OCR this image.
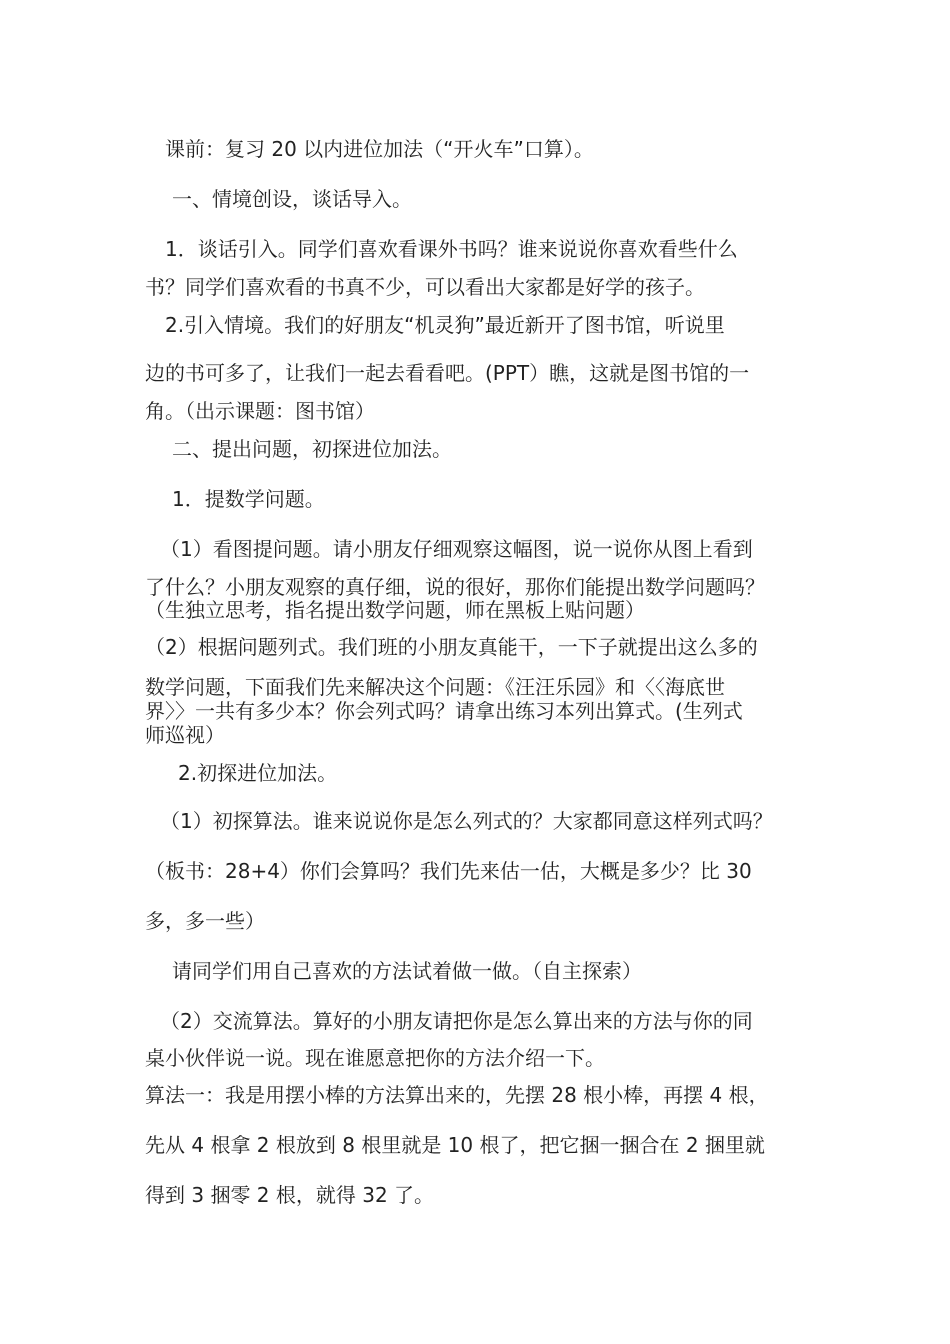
课前：复习 20 以内进位加法（“开火车”口算）。

一、情境创设，谈话导入。

1．谈话引入。同学们喜欢看课外书吗？谁来说说你喜欢看些什么

书？同学们喜欢看的书真不少，可以看出大家都是好学的孩子。

2.引入情境。我们的好朋友“机灵狗”最近新开了图书馆，听说里

边的书可多了，让我们一起去看看吧。(PPT）瞧，这就是图书馆的一

角。（出示课题：图书馆）

二、提出问题，初探进位加法。

1．提数学问题。

（1）看图提问题。请小朋友仔细观察这幅图，说一说你从图上看到

了什么？小朋友观察的真仔细，说的很好，那你们能提出数学问题吗？

（生独立思考，指名提出数学问题，师在黑板上贴问题）

（2）根据问题列式。我们班的小朋友真能干，一下子就提出这么多的

数学问题，下面我们先来解决这个问题：《汪汪乐园》和〈〈海底世

界〉〉一共有多少本？你会列式吗？请拿出练习本列出算式。(生列式

师巡视）

2.初探进位加法。

（1）初探算法。谁来说说你是怎么列式的？大家都同意这样列式吗？

（板书：28+4）你们会算吗？我们先来估一估，大概是多少？比 30

多，多一些）

请同学们用自己喜欢的方法试着做一做。（自主探索）

（2）交流算法。算好的小朋友请把你是怎么算出来的方法与你的同

桌小伙伴说一说。现在谁愿意把你的方法介绍一下。

算法一：我是用摆小棒的方法算出来的，先摆 28 根小棒，再摆 4 根，

先从 4 根拿 2 根放到 8 根里就是 10 根了，把它捆一捆合在 2 捆里就

得到 3 捆零 2 根，就得 32 了。
